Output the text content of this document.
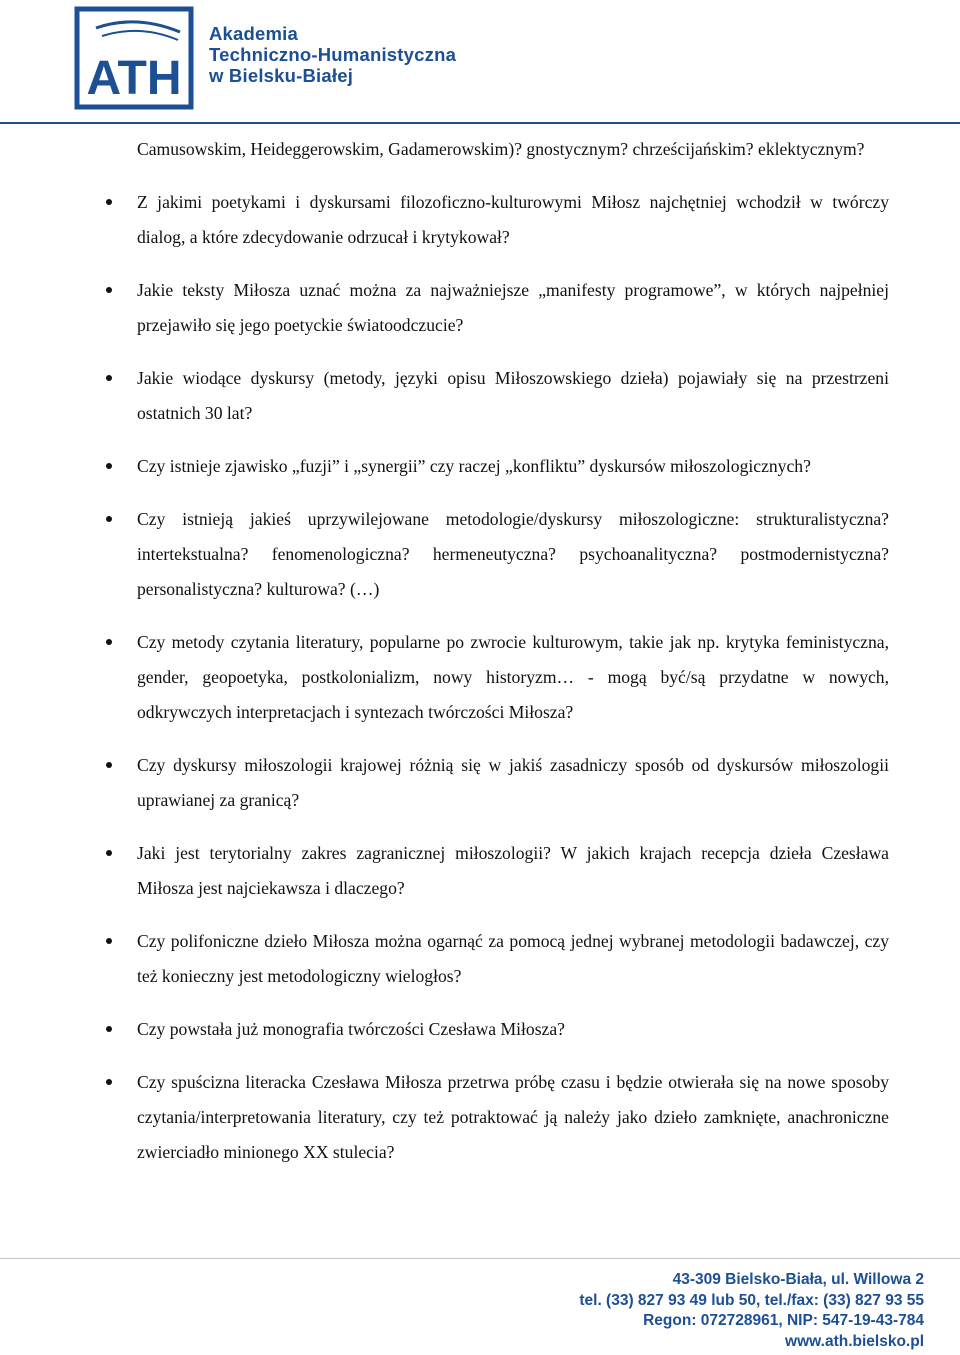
ATH
Akademia
Techniczno-Humanistyczna
w Bielsku-Białej

Camusowskim, Heideggerowskim, Gadamerowskim)? gnostycznym? chrześcijańskim? eklektycznym?

Z jakimi poetykami i dyskursami filozoficzno-kulturowymi Miłosz najchętniej wchodził w twórczy dialog, a które zdecydowanie odrzucał i krytykował?
Jakie teksty Miłosza uznać można za najważniejsze „manifesty programowe”, w których najpełniej przejawiło się jego poetyckie światoodczucie?
Jakie wiodące dyskursy (metody, języki opisu Miłoszowskiego dzieła) pojawiały się na przestrzeni ostatnich 30 lat?
Czy istnieje zjawisko „fuzji” i „synergii” czy raczej „konfliktu” dyskursów miłoszologicznych?
Czy istnieją jakieś uprzywilejowane metodologie/dyskursy miłoszologiczne: strukturalistyczna? intertekstualna? fenomenologiczna? hermeneutyczna? psychoanalityczna? postmodernistyczna? personalistyczna? kulturowa? (…)
Czy metody czytania literatury, popularne po zwrocie kulturowym, takie jak np. krytyka feministyczna, gender, geopoetyka, postkolonializm, nowy historyzm… - mogą być/są przydatne w nowych, odkrywczych interpretacjach i syntezach twórczości Miłosza?
Czy dyskursy miłoszologii krajowej różnią się w jakiś zasadniczy sposób od dyskursów miłoszologii uprawianej za granicą?
Jaki jest terytorialny zakres zagranicznej miłoszologii? W jakich krajach recepcja dzieła Czesława Miłosza jest najciekawsza i dlaczego?
Czy polifoniczne dzieło Miłosza można ogarnąć za pomocą jednej wybranej metodologii badawczej, czy też konieczny jest metodologiczny wielogłos?
Czy powstała już monografia twórczości Czesława Miłosza?
Czy spuścizna literacka Czesława Miłosza przetrwa próbę czasu i będzie otwierała się na nowe sposoby czytania/interpretowania literatury, czy też potraktować ją należy jako dzieło zamknięte, anachroniczne zwierciadło minionego XX stulecia?
43-309 Bielsko-Biała, ul. Willowa 2
tel. (33) 827 93 49 lub 50, tel./fax: (33) 827 93 55
Regon: 072728961, NIP: 547-19-43-784
www.ath.bielsko.pl
